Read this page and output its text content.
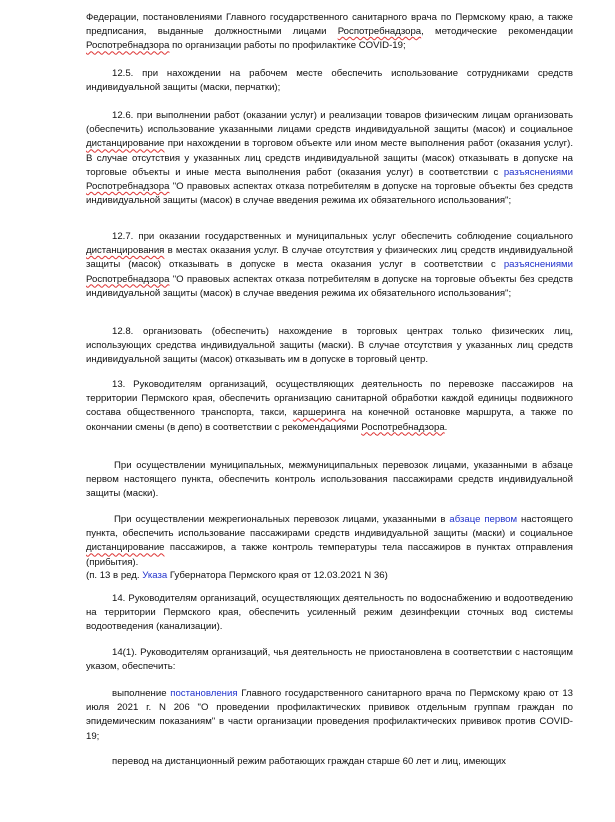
Федерации, постановлениями Главного государственного санитарного врача по Пермскому краю, а также предписания, выданные должностными лицами Роспотребнадзора, методические рекомендации Роспотребнадзора по организации работы по профилактике COVID-19;

12.5. при нахождении на рабочем месте обеспечить использование сотрудниками средств индивидуальной защиты (маски, перчатки);

12.6. при выполнении работ (оказании услуг) и реализации товаров физическим лицам организовать (обеспечить) использование указанными лицами средств индивидуальной защиты (масок) и социальное дистанцирование при нахождении в торговом объекте или ином месте выполнения работ (оказания услуг). В случае отсутствия у указанных лиц средств индивидуальной защиты (масок) отказывать в допуске на торговые объекты и иные места выполнения работ (оказания услуг) в соответствии с разъяснениями Роспотребнадзора "О правовых аспектах отказа потребителям в допуске на торговые объекты без средств индивидуальной защиты (масок) в случае введения режима их обязательного использования";

12.7. при оказании государственных и муниципальных услуг обеспечить соблюдение социального дистанцирования в местах оказания услуг. В случае отсутствия у физических лиц средств индивидуальной защиты (масок) отказывать в допуске в места оказания услуг в соответствии с разъяснениями Роспотребнадзора "О правовых аспектах отказа потребителям в допуске на торговые объекты без средств индивидуальной защиты (масок) в случае введения режима их обязательного использования";

12.8. организовать (обеспечить) нахождение в торговых центрах только физических лиц, использующих средства индивидуальной защиты (маски). В случае отсутствия у указанных лиц средств индивидуальной защиты (масок) отказывать им в допуске в торговый центр.

13. Руководителям организаций, осуществляющих деятельность по перевозке пассажиров на территории Пермского края, обеспечить организацию санитарной обработки каждой единицы подвижного состава общественного транспорта, такси, каршеринга на конечной остановке маршрута, а также по окончании смены (в депо) в соответствии с рекомендациями Роспотребнадзора.

При осуществлении муниципальных, межмуниципальных перевозок лицами, указанными в абзаце первом настоящего пункта, обеспечить контроль использования пассажирами средств индивидуальной защиты (маски).

При осуществлении межрегиональных перевозок лицами, указанными в абзаце первом настоящего пункта, обеспечить использование пассажирами средств индивидуальной защиты (маски) и социальное дистанцирование пассажиров, а также контроль температуры тела пассажиров в пунктах отправления (прибытия).

(п. 13 в ред. Указа Губернатора Пермского края от 12.03.2021 N 36)

14. Руководителям организаций, осуществляющих деятельность по водоснабжению и водоотведению на территории Пермского края, обеспечить усиленный режим дезинфекции сточных вод системы водоотведения (канализации).

14(1). Руководителям организаций, чья деятельность не приостановлена в соответствии с настоящим указом, обеспечить:

выполнение постановления Главного государственного санитарного врача по Пермскому краю от 13 июля 2021 г. N 206 "О проведении профилактических прививок отдельным группам граждан по эпидемическим показаниям" в части организации проведения профилактических прививок против COVID-19;

перевод на дистанционный режим работающих граждан старше 60 лет и лиц, имеющих
